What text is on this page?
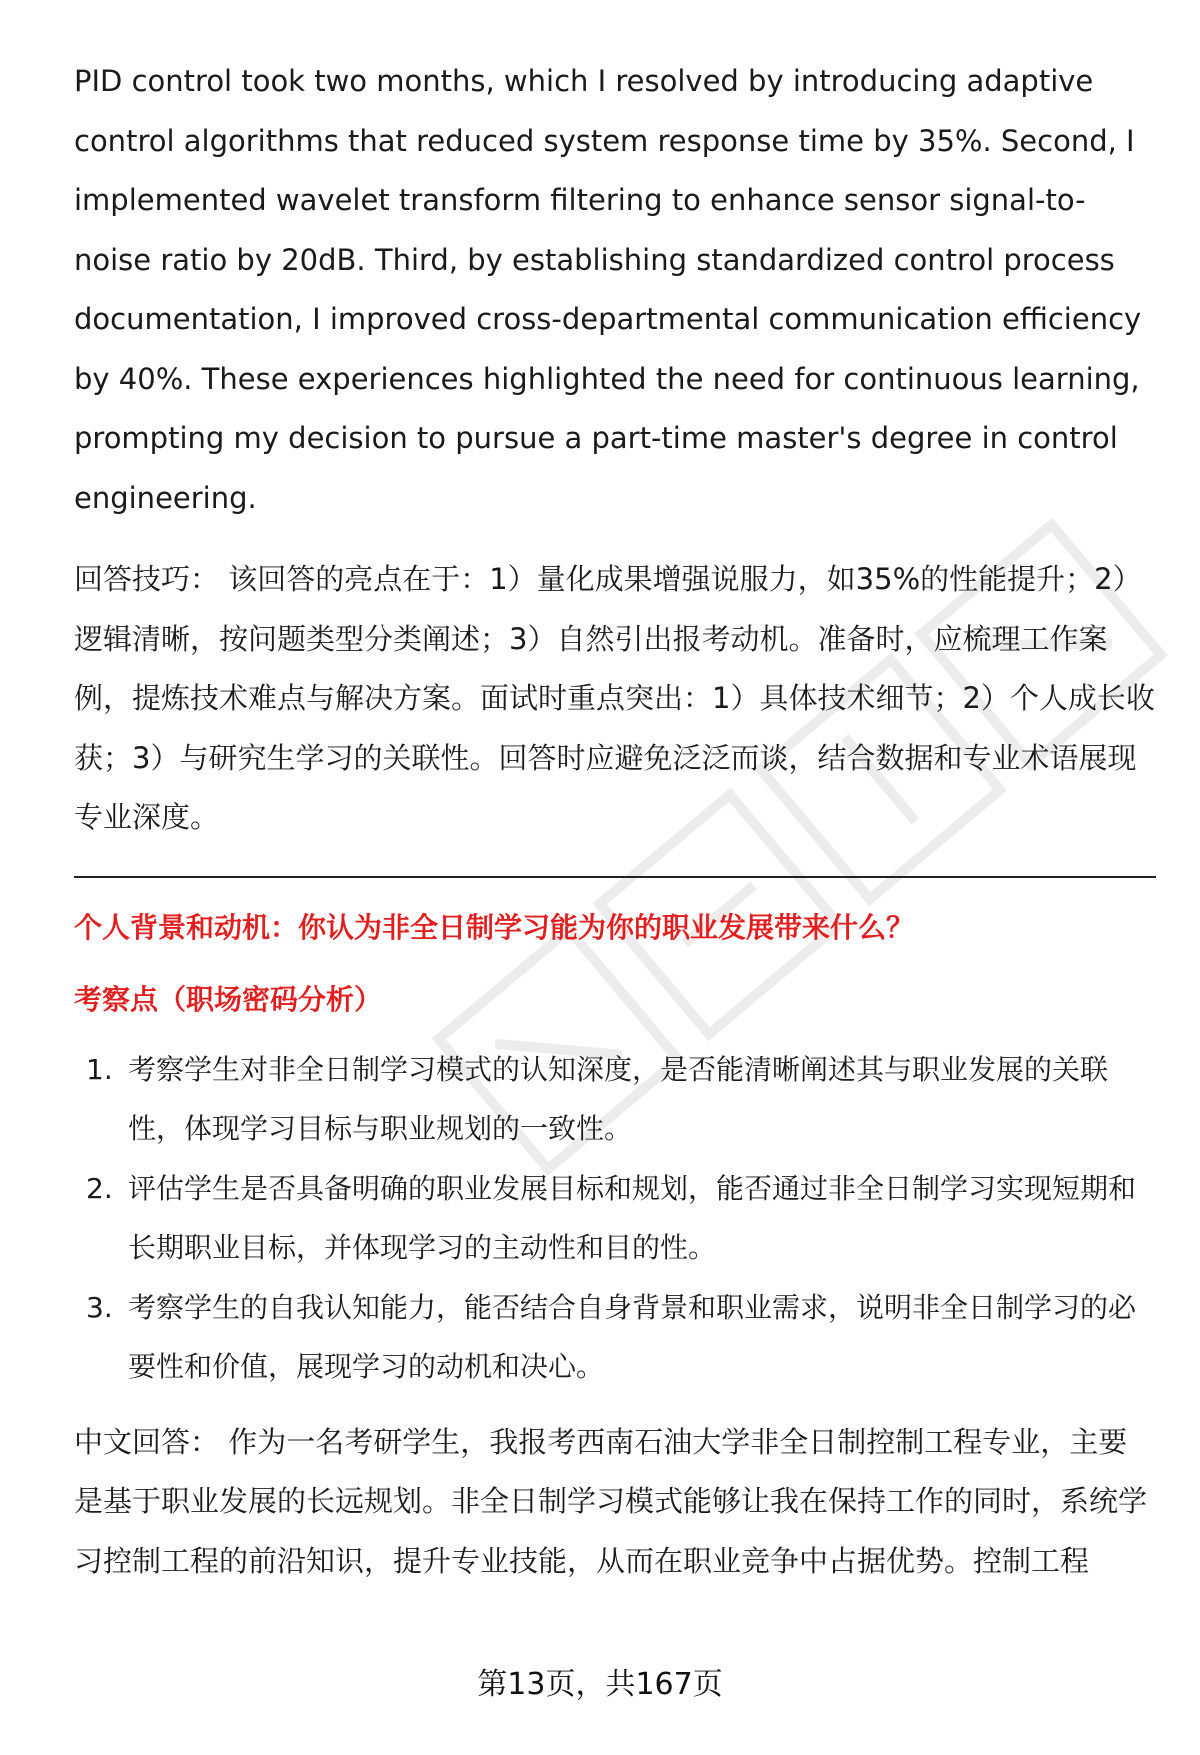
PID control took two months, which I resolved by introducing adaptive control algorithms that reduced system response time by 35%. Second, I implemented wavelet transform filtering to enhance sensor signal-to-noise ratio by 20dB. Third, by establishing standardized control process documentation, I improved cross-departmental communication efficiency by 40%. These experiences highlighted the need for continuous learning, prompting my decision to pursue a part-time master's degree in control engineering.

回答技巧： 该回答的亮点在于：1）量化成果增强说服力，如35%的性能提升；2）逻辑清晰，按问题类型分类阐述；3）自然引出报考动机。准备时，应梳理工作案例，提炼技术难点与解决方案。面试时重点突出：1）具体技术细节；2）个人成长收获；3）与研究生学习的关联性。回答时应避免泛泛而谈，结合数据和专业术语展现专业深度。

个人背景和动机：你认为非全日制学习能为你的职业发展带来什么？
考察点（职场密码分析）
1. 考察学生对非全日制学习模式的认知深度，是否能清晰阐述其与职业发展的关联性，体现学习目标与职业规划的一致性。
2. 评估学生是否具备明确的职业发展目标和规划，能否通过非全日制学习实现短期和长期职业目标，并体现学习的主动性和目的性。
3. 考察学生的自我认知能力，能否结合自身背景和职业需求，说明非全日制学习的必要性和价值，展现学习的动机和决心。

中文回答： 作为一名考研学生，我报考西南石油大学非全日制控制工程专业，主要是基于职业发展的长远规划。非全日制学习模式能够让我在保持工作的同时，系统学习控制工程的前沿知识，提升专业技能，从而在职业竞争中占据优势。控制工程

第13页，共167页
